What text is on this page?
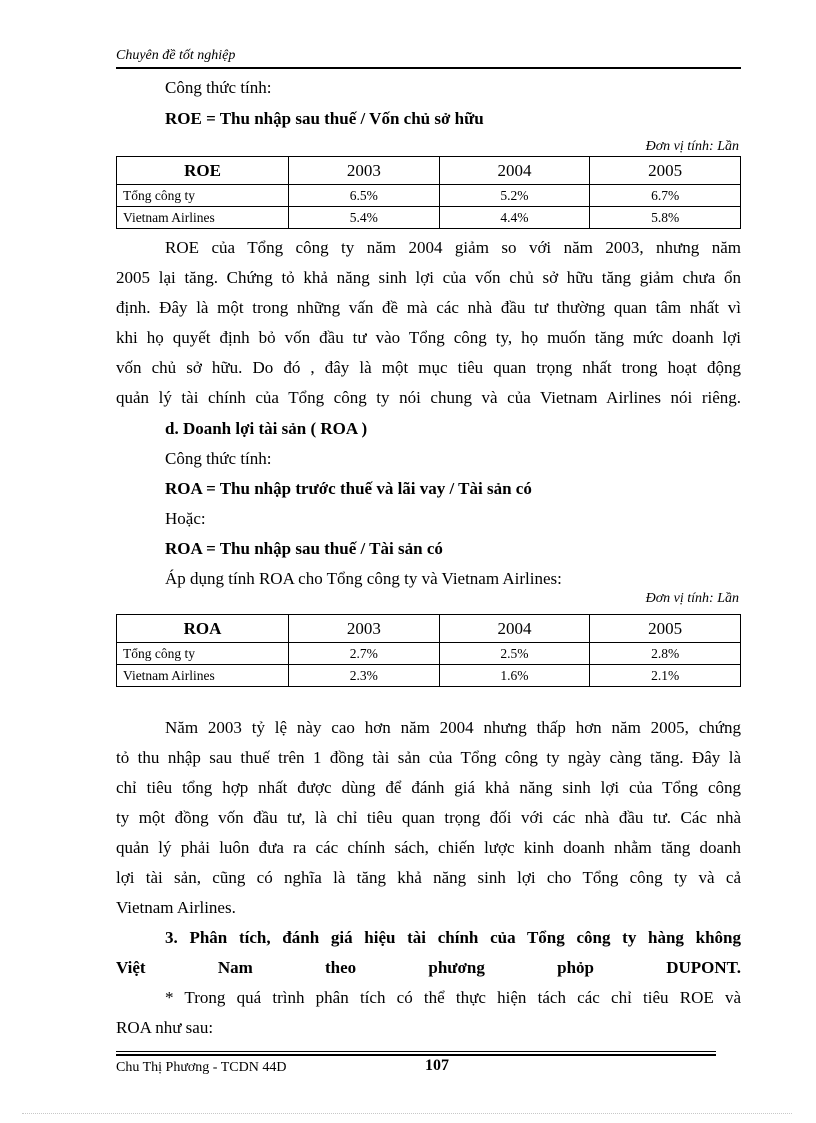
Chuyên đề tốt nghiệp
Công thức tính:
ROE = Thu nhập sau thuế / Vốn chủ sở hữu
Đơn vị tính: Lần
ROE	2003	2004	2005
Tổng công ty	6.5%	5.2%	6.7%
Vietnam Airlines	5.4%	4.4%	5.8%
ROE của Tổng công ty năm 2004 giảm so với năm 2003, nhưng năm
2005 lại tăng. Chứng tỏ khả năng sinh lợi của vốn chủ sở hữu tăng giảm chưa ổn
định. Đây là một trong những vấn đề mà các nhà đầu tư thường quan tâm nhất vì
khi họ quyết định bỏ vốn đầu tư vào Tổng công ty, họ muốn tăng mức doanh lợi
vốn chủ sở hữu. Do đó , đây là một mục tiêu quan trọng nhất trong hoạt động
quản lý tài chính của Tổng công ty nói chung và của Vietnam Airlines nói riêng.
d. Doanh lợi tài sản ( ROA )
Công thức tính:
ROA = Thu nhập trước thuế và lãi vay / Tài sản có
Hoặc:
ROA = Thu nhập sau thuế / Tài sản có
Áp dụng tính ROA cho Tổng công ty và Vietnam Airlines:
Đơn vị tính: Lần
ROA	2003	2004	2005
Tổng công ty	2.7%	2.5%	2.8%
Vietnam Airlines	2.3%	1.6%	2.1%
Năm 2003 tỷ lệ này cao hơn năm 2004 nhưng thấp hơn năm 2005, chứng
tỏ thu nhập sau thuế trên 1 đồng tài sản của Tổng công ty ngày càng tăng. Đây là
chỉ tiêu tổng hợp nhất được dùng để đánh giá khả năng sinh lợi của Tổng công
ty một đồng vốn đầu tư, là chỉ tiêu quan trọng đối với các nhà đầu tư. Các nhà
quản lý phải luôn đưa ra các chính sách, chiến lược kinh doanh nhằm tăng doanh
lợi tài sản, cũng có nghĩa là tăng khả năng sinh lợi cho Tổng công ty và cả
Vietnam Airlines.
3. Phân tích, đánh giá hiệu tài chính của Tổng công ty hàng không
Việt Nam theo phương phỏp DUPONT.
* Trong quá trình phân tích có thể thực hiện tách các chỉ tiêu ROE và
ROA như sau:
Chu Thị Phương - TCDN 44D	107
